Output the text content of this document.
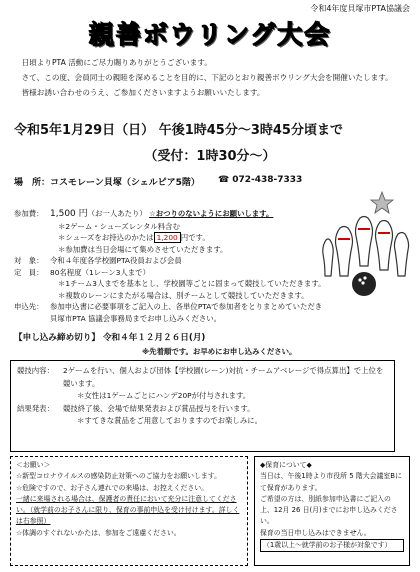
令和4年度貝塚市PTA協議会
親善ボウリング大会

日頃よりPTA 活動にご尽力賜りありがとうございます。

さて、この度、会員同士の親睦を深めることを目的に、下記のとおり親善ボウリング大会を開催いたします。

皆様お誘い合わせのうえ、ご参加くださいますようお願いいたします。

令和5年1月29日（日） 午後1時45分～3時45分頃まで
（受付：1時30分～）
場　所：コスモレーン貝塚（シェルピア5階） ☎ 072-438-7333
参加費： 1,500 円（お一人あたり） ☆おつりのないようにお願いします。
＊2ゲーム・シューズレンタル料含む
＊シューズをお持込のかたは 1,200 円です。
＊参加費は当日会場にて集めさせていただきます。
対　象： 令和４年度各学校園PTA役員および会員
定　員： 80名程度（1レーン3人まで）
＊1チーム3人までを基本とし、学校園等ごとに固まって競技していただきます。
＊複数のレーンにまたがる場合は、別チームとして競技していただきます。
申込先： 参加申込書に必要事項をご記入の上、各単位PTAで参加者をとりまとめていただき
貝塚市PTA 協議会事務局までお申し込みください。
【申し込み締め切り】 令和４年１２月２６日(月)
※先着順です。お早めにお申し込みください。
競技内容：	2ゲームを行い、個人および団体【学校園(レーン)対抗・チームアベレージで得点算出】で上位を競います。
＊女性は1ゲームごとにハンデ20Pが付与されます。
結果発表：	競技終了後、会場で結果発表および賞品授与を行います。
＊すてきな賞品をご用意しておりますのでお楽しみに。

＜お願い＞

☆新型コロナウイルスの感染防止対策へのご協力をお願いします。

☆危険ですので、お子さん連れでの来場は、お控えください。

一緒に来場される場合は、保護者の責任において充分に注意してください。（就学前のお子さんに限り、保育の事前申込を受け付けます。詳しくは右参照）

☆体調のすぐれないかたは、参加をご遠慮ください。

◆保育について◆

当日は、午後1時より市役所 5 階大会議室Bにて保育があります。

ご希望の方は、別紙参加申込書にご記入の上、12月 26 日(月)までにお申し込みください。

保育の当日申し込みはできません。

（1歳以上～就学前のお子様が対象です）
